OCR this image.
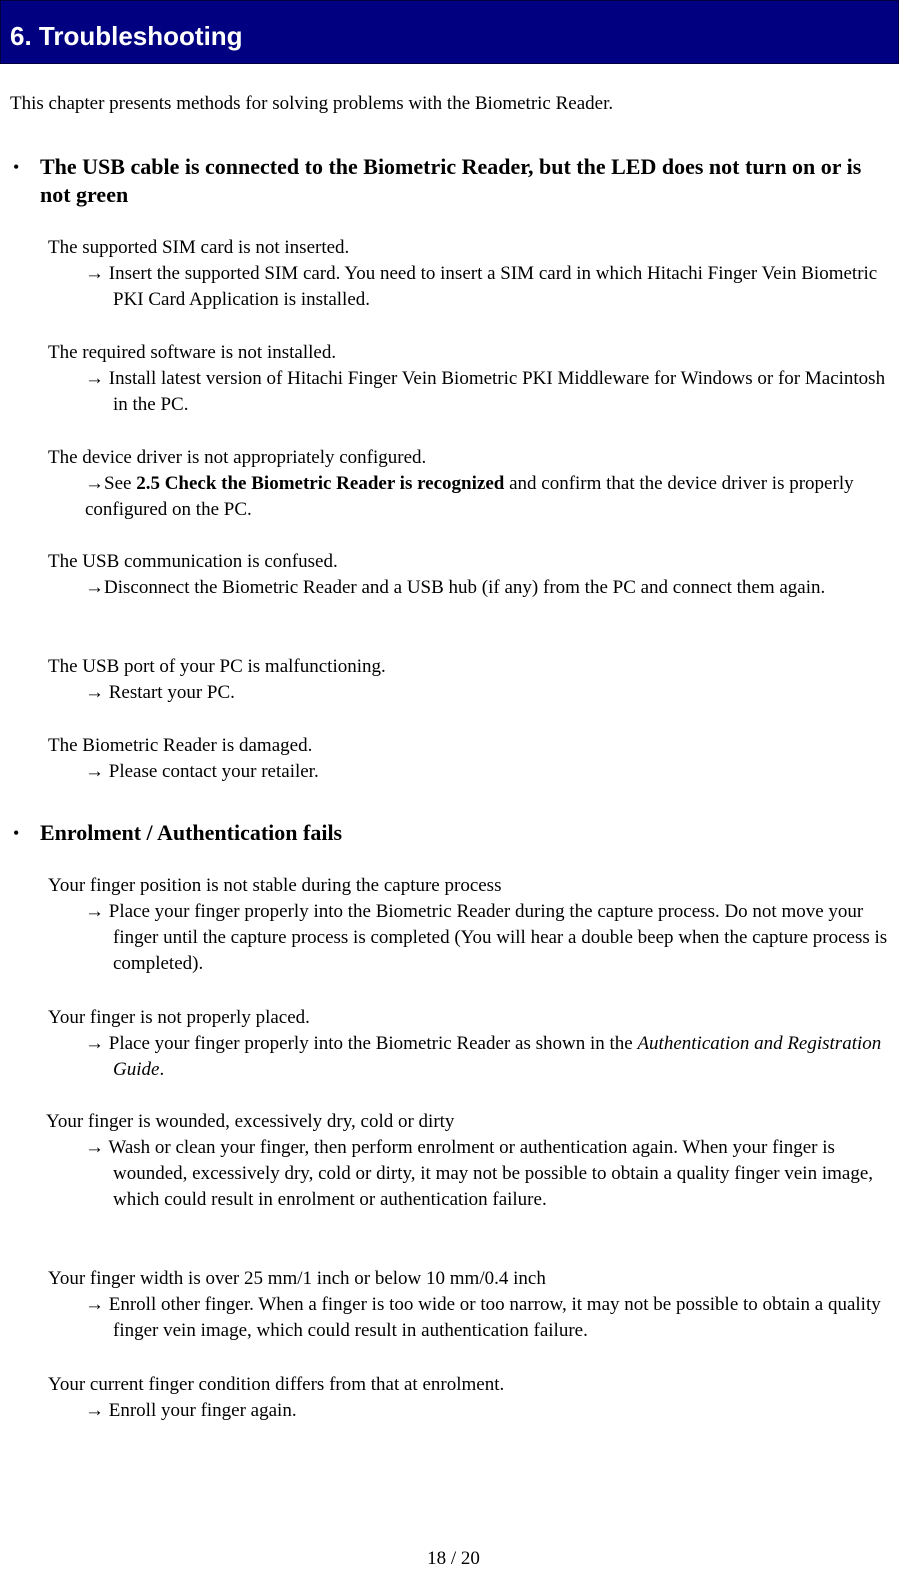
6. Troubleshooting
This chapter presents methods for solving problems with the Biometric Reader.
• The USB cable is connected to the Biometric Reader, but the LED does not turn on or is not green
The supported SIM card is not inserted.
→ Insert the supported SIM card. You need to insert a SIM card in which Hitachi Finger Vein Biometric PKI Card Application is installed.
The required software is not installed.
→ Install latest version of Hitachi Finger Vein Biometric PKI Middleware for Windows or for Macintosh in the PC.
The device driver is not appropriately configured.
→See 2.5 Check the Biometric Reader is recognized and confirm that the device driver is properly configured on the PC.
The USB communication is confused.
→Disconnect the Biometric Reader and a USB hub (if any) from the PC and connect them again.
The USB port of your PC is malfunctioning.
→ Restart your PC.
The Biometric Reader is damaged.
→ Please contact your retailer.
• Enrolment / Authentication fails
Your finger position is not stable during the capture process
→ Place your finger properly into the Biometric Reader during the capture process. Do not move your finger until the capture process is completed (You will hear a double beep when the capture process is completed).
Your finger is not properly placed.
→ Place your finger properly into the Biometric Reader as shown in the Authentication and Registration Guide.
Your finger is wounded, excessively dry, cold or dirty
→ Wash or clean your finger, then perform enrolment or authentication again. When your finger is wounded, excessively dry, cold or dirty, it may not be possible to obtain a quality finger vein image, which could result in enrolment or authentication failure.
Your finger width is over 25 mm/1 inch or below 10 mm/0.4 inch
→ Enroll other finger. When a finger is too wide or too narrow, it may not be possible to obtain a quality finger vein image, which could result in authentication failure.
Your current finger condition differs from that at enrolment.
→ Enroll your finger again.
18 / 20
